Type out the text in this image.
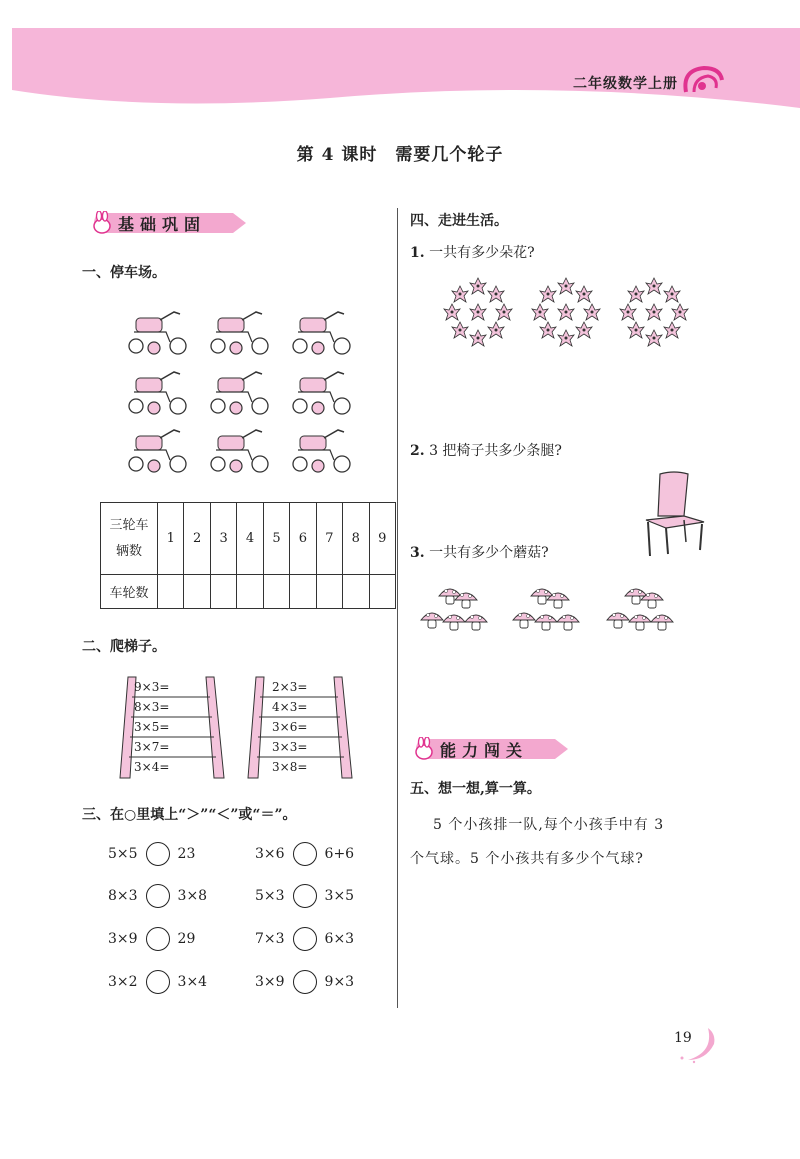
二年级数学上册
第 4 课时　需要几个轮子
基础巩固
一、停车场。
三轮车
辆数	1	2	3	4	5	6	7	8	9
车轮数									
二、爬梯子。
9×3=
8×3=
3×5=
3×7=
3×4=
2×3=
4×3=
3×6=
3×3=
3×8=
三、在○里填上“＞”“＜”或“＝”。
5×5	23	3×6	6+6
8×3	3×8	5×3	3×5
3×9	29	7×3	6×3
3×2	3×4	3×9	9×3
四、走进生活。
1. 一共有多少朵花?
2. 3 把椅子共多少条腿?
3. 一共有多少个蘑菇?
能力闯关
五、想一想,算一算。
5 个小孩排一队,每个小孩手中有 3
个气球。5 个小孩共有多少个气球?
19
